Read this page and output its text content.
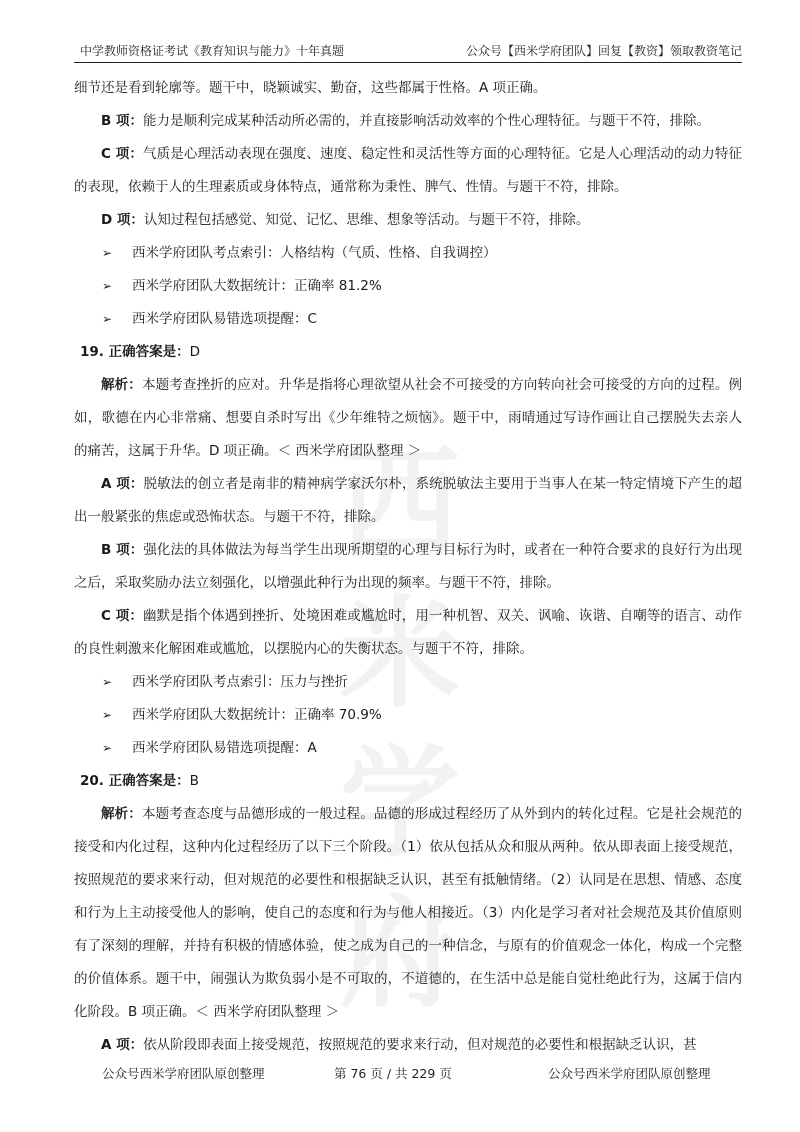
中学教师资格证考试《教育知识与能力》十年真题	公众号【西米学府团队】回复【教资】领取教资笔记
西米
学府

细节还是看到轮廓等。题干中，晓颖诚实、勤奋，这些都属于性格。A 项正确。

B 项：能力是顺利完成某种活动所必需的，并直接影响活动效率的个性心理特征。与题干不符，排除。

C 项：气质是心理活动表现在强度、速度、稳定性和灵活性等方面的心理特征。它是人心理活动的动力特征的表现，依赖于人的生理素质或身体特点，通常称为秉性、脾气、性情。与题干不符，排除。

D 项：认知过程包括感觉、知觉、记忆、思维、想象等活动。与题干不符，排除。

➢ 西米学府团队考点索引：人格结构（气质、性格、自我调控）

➢ 西米学府团队大数据统计：正确率 81.2%

➢ 西米学府团队易错选项提醒：C

19. 正确答案是：D

解析：本题考查挫折的应对。升华是指将心理欲望从社会不可接受的方向转向社会可接受的方向的过程。例如，歌德在内心非常痛、想要自杀时写出《少年维特之烦恼》。题干中，雨晴通过写诗作画让自己摆脱失去亲人的痛苦，这属于升华。D 项正确。＜ 西米学府团队整理 ＞

A 项：脱敏法的创立者是南非的精神病学家沃尔朴，系统脱敏法主要用于当事人在某一特定情境下产生的超出一般紧张的焦虑或恐怖状态。与题干不符，排除。

B 项：强化法的具体做法为每当学生出现所期望的心理与目标行为时，或者在一种符合要求的良好行为出现之后，采取奖励办法立刻强化，以增强此种行为出现的频率。与题干不符，排除。

C 项：幽默是指个体遇到挫折、处境困难或尴尬时，用一种机智、双关、讽喻、诙谐、自嘲等的语言、动作的良性刺激来化解困难或尴尬，以摆脱内心的失衡状态。与题干不符，排除。

➢ 西米学府团队考点索引：压力与挫折

➢ 西米学府团队大数据统计：正确率 70.9%

➢ 西米学府团队易错选项提醒：A

20. 正确答案是：B

解析：本题考查态度与品德形成的一般过程。品德的形成过程经历了从外到内的转化过程。它是社会规范的接受和内化过程，这种内化过程经历了以下三个阶段。（1）依从包括从众和服从两种。依从即表面上接受规范，按照规范的要求来行动，但对规范的必要性和根据缺乏认识，甚至有抵触情绪。（2）认同是在思想、情感、态度和行为上主动接受他人的影响，使自己的态度和行为与他人相接近。（3）内化是学习者对社会规范及其价值原则有了深刻的理解，并持有积极的情感体验，使之成为自己的一种信念，与原有的价值观念一体化，构成一个完整的价值体系。题干中，闹强认为欺负弱小是不可取的，不道德的，在生活中总是能自觉杜绝此行为，这属于信内化阶段。B 项正确。＜ 西米学府团队整理 ＞

A 项：依从阶段即表面上接受规范，按照规范的要求来行动，但对规范的必要性和根据缺乏认识，甚

公众号西米学府团队原创整理	第 76 页 / 共 229 页	公众号西米学府团队原创整理
